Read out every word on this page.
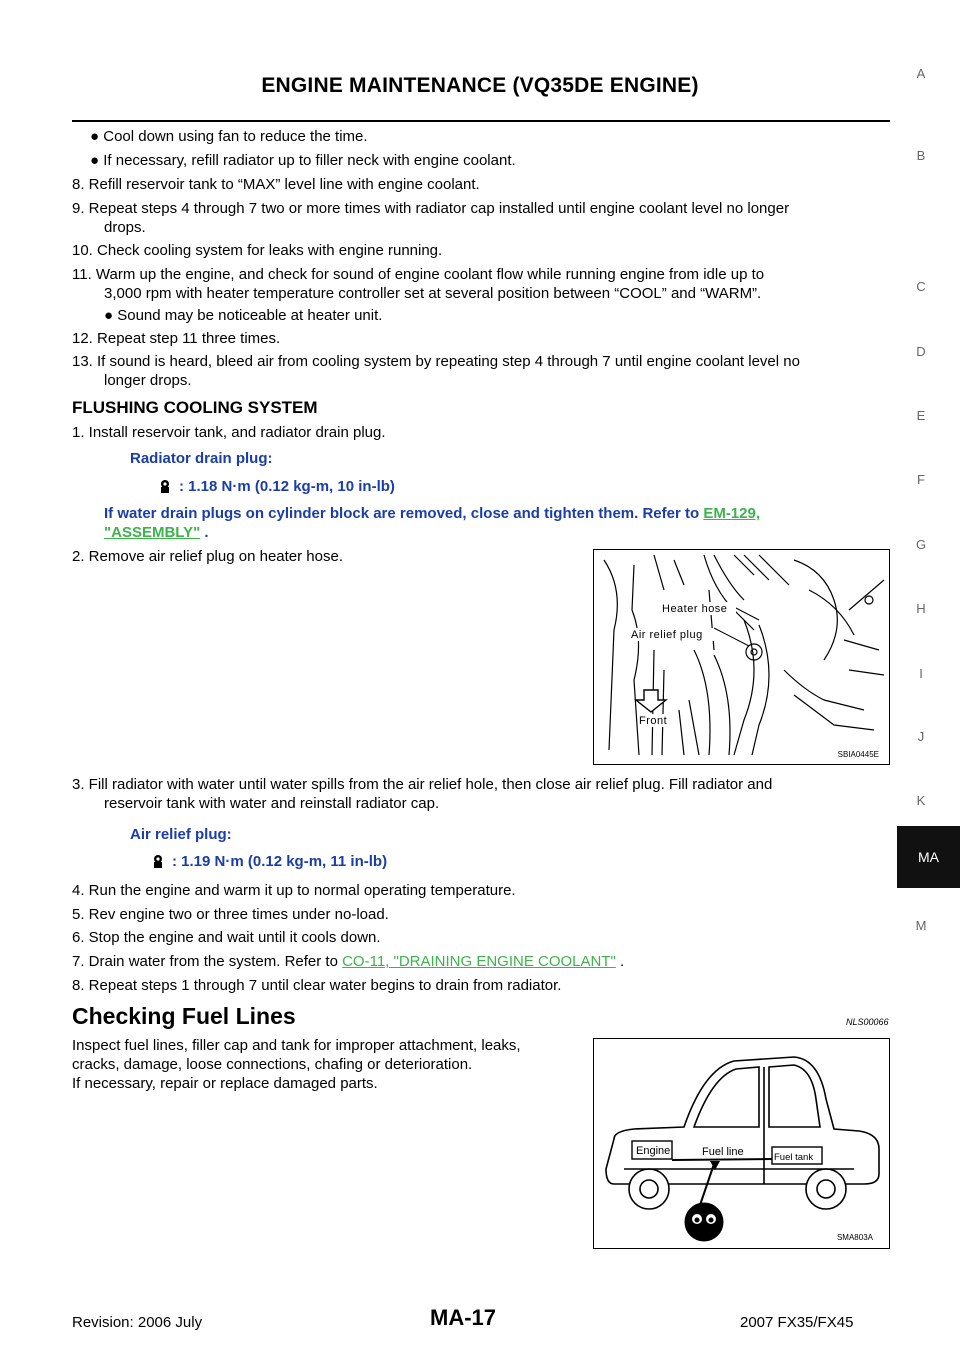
ENGINE MAINTENANCE (VQ35DE ENGINE)
A
B
C
D
E
F
G
H
I
J
K
MA
M
● Cool down using fan to reduce the time.
● If necessary, refill radiator up to filler neck with engine coolant.
8. Refill reservoir tank to “MAX” level line with engine coolant.
9. Repeat steps 4 through 7 two or more times with radiator cap installed until engine coolant level no longer
drops.
10. Check cooling system for leaks with engine running.
11. Warm up the engine, and check for sound of engine coolant flow while running engine from idle up to
3,000 rpm with heater temperature controller set at several position between “COOL” and “WARM”.
● Sound may be noticeable at heater unit.
12. Repeat step 11 three times.
13. If sound is heard, bleed air from cooling system by repeating step 4 through 7 until engine coolant level no
longer drops.
FLUSHING COOLING SYSTEM
1. Install reservoir tank, and radiator drain plug.
Radiator drain plug:
: 1.18 N·m (0.12 kg-m, 10 in-lb)
If water drain plugs on cylinder block are removed, close and tighten them. Refer to EM-129,
"ASSEMBLY" .
2. Remove air relief plug on heater hose.
Heater hose
Air relief plug
Front
SBIA0445E
3. Fill radiator with water until water spills from the air relief hole, then close air relief plug. Fill radiator and
reservoir tank with water and reinstall radiator cap.
Air relief plug:
: 1.19 N·m (0.12 kg-m, 11 in-lb)
4. Run the engine and warm it up to normal operating temperature.
5. Rev engine two or three times under no-load.
6. Stop the engine and wait until it cools down.
7. Drain water from the system. Refer to CO-11, "DRAINING ENGINE COOLANT" .
8. Repeat steps 1 through 7 until clear water begins to drain from radiator.
Checking Fuel Lines	NLS00066
Inspect fuel lines, filler cap and tank for improper attachment, leaks,
cracks, damage, loose connections, chafing or deterioration.
If necessary, repair or replace damaged parts.
Engine	Fuel line	Fuel tank
SMA803A
Revision: 2006 July	MA-17	2007 FX35/FX45
